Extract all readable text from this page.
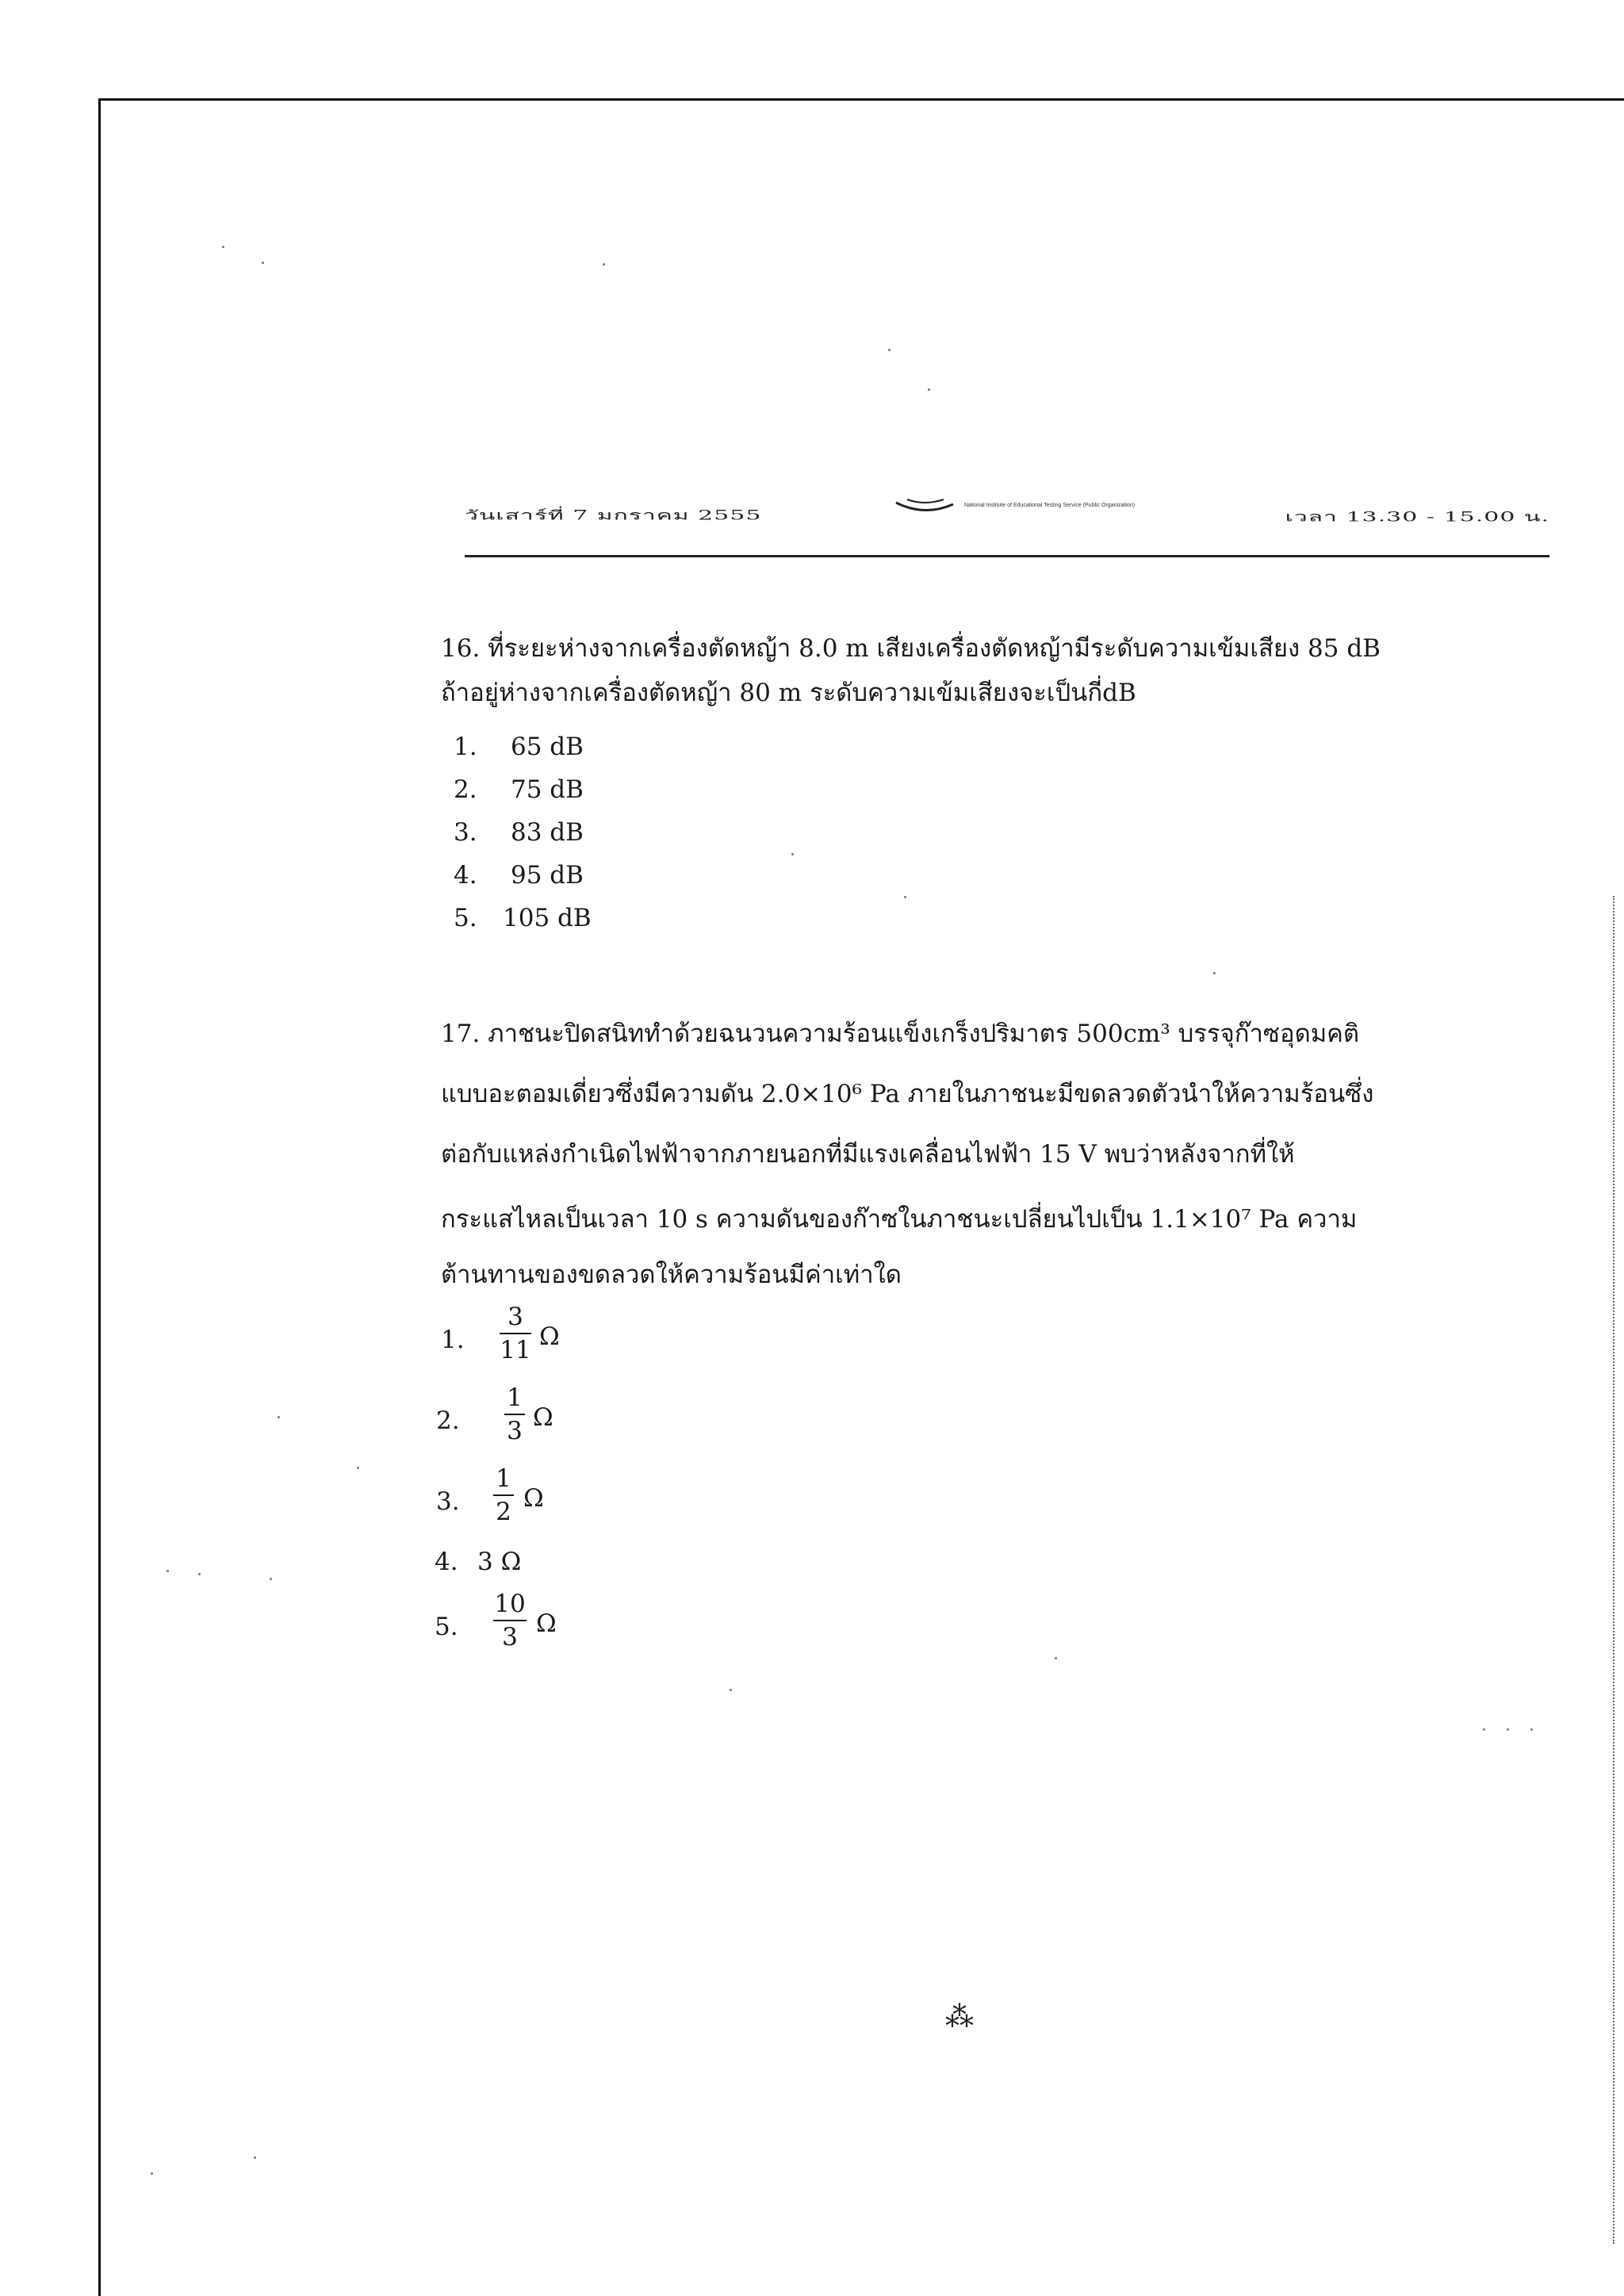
วันเสาร์ที่ 7 มกราคม 2555
National Institute of Educational Testing Service (Public Organization)
เวลา 13.30 - 15.00 น.
16. ที่ระยะห่างจากเครื่องตัดหญ้า 8.0 m เสียงเครื่องตัดหญ้ามีระดับความเข้มเสียง 85 dB
ถ้าอยู่ห่างจากเครื่องตัดหญ้า 80 m ระดับความเข้มเสียงจะเป็นกี่dB
1. 65 dB
2. 75 dB
3. 83 dB
4. 95 dB
5. 105 dB
17. ภาชนะปิดสนิททำด้วยฉนวนความร้อนแข็งเกร็งปริมาตร 500cm³ บรรจุก๊าซอุดมคติ
แบบอะตอมเดี่ยวซึ่งมีความดัน 2.0×10⁶ Pa ภายในภาชนะมีขดลวดตัวนำให้ความร้อนซึ่ง
ต่อกับแหล่งกำเนิดไฟฟ้าจากภายนอกที่มีแรงเคลื่อนไฟฟ้า 15 V พบว่าหลังจากที่ให้
กระแสไหลเป็นเวลา 10 s ความดันของก๊าซในภาชนะเปลี่ยนไปเป็น 1.1×10⁷ Pa ความ
ต้านทานของขดลวดให้ความร้อนมีค่าเท่าใด
1.
3
11 Ω
2.
1
3 Ω
3.
1
2 Ω
4. 3 Ω
5.
10
3 Ω
⁂
